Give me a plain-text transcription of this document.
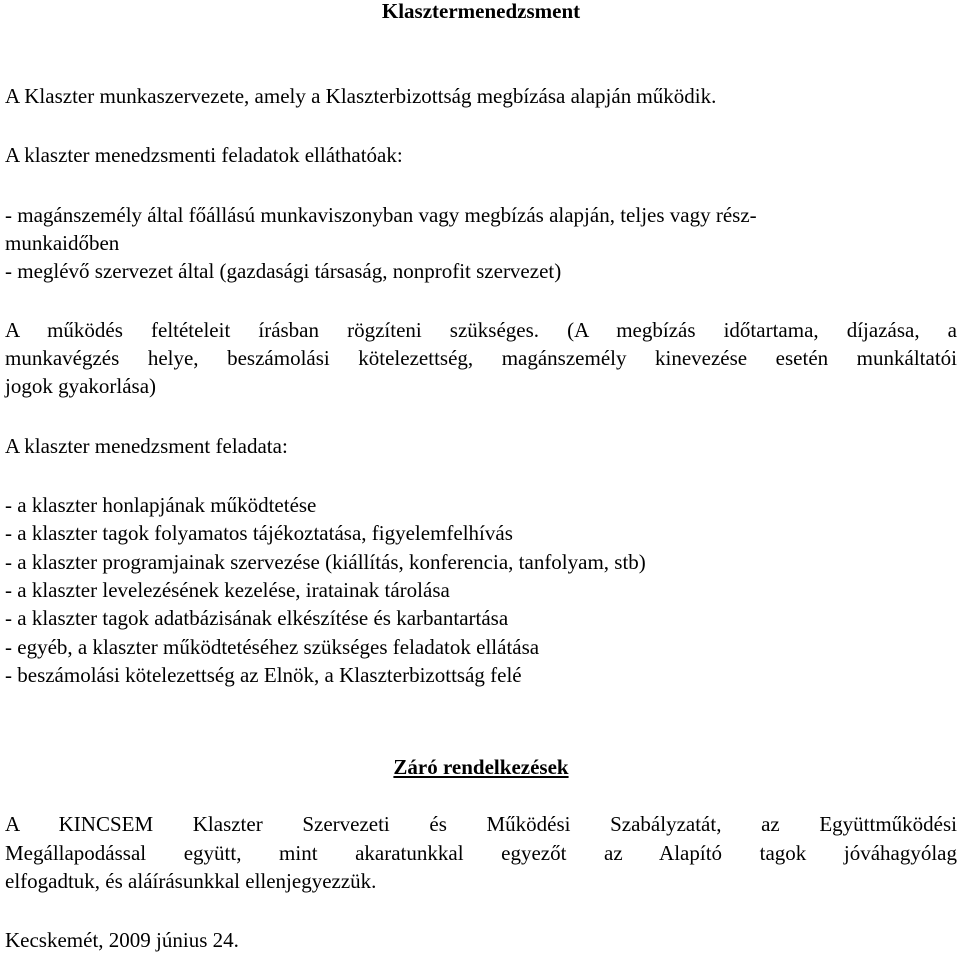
Klasztermenedzsment
A Klaszter munkaszervezete, amely a Klaszterbizottság megbízása alapján működik.
A klaszter menedzsmenti feladatok elláthatóak:
- magánszemély által főállású munkaviszonyban vagy megbízás alapján, teljes vagy rész-
munkaidőben
- meglévő szervezet által (gazdasági társaság, nonprofit szervezet)
A működés feltételeit írásban rögzíteni szükséges. (A megbízás időtartama, díjazása, a
munkavégzés helye, beszámolási kötelezettség, magánszemély kinevezése esetén munkáltatói
jogok gyakorlása)
A klaszter menedzsment feladata:
- a klaszter honlapjának működtetése
- a klaszter tagok folyamatos tájékoztatása, figyelemfelhívás
- a klaszter programjainak szervezése (kiállítás, konferencia, tanfolyam, stb)
- a klaszter levelezésének kezelése, iratainak tárolása
- a klaszter tagok adatbázisának elkészítése és karbantartása
- egyéb, a klaszter működtetéséhez szükséges feladatok ellátása
- beszámolási kötelezettség az Elnök, a Klaszterbizottság felé
Záró rendelkezések
A KINCSEM Klaszter Szervezeti és Működési Szabályzatát, az Együttműködési
Megállapodással együtt, mint akaratunkkal egyezőt az Alapító tagok jóváhagyólag
elfogadtuk, és aláírásunkkal ellenjegyezzük.
Kecskemét, 2009 június 24.
